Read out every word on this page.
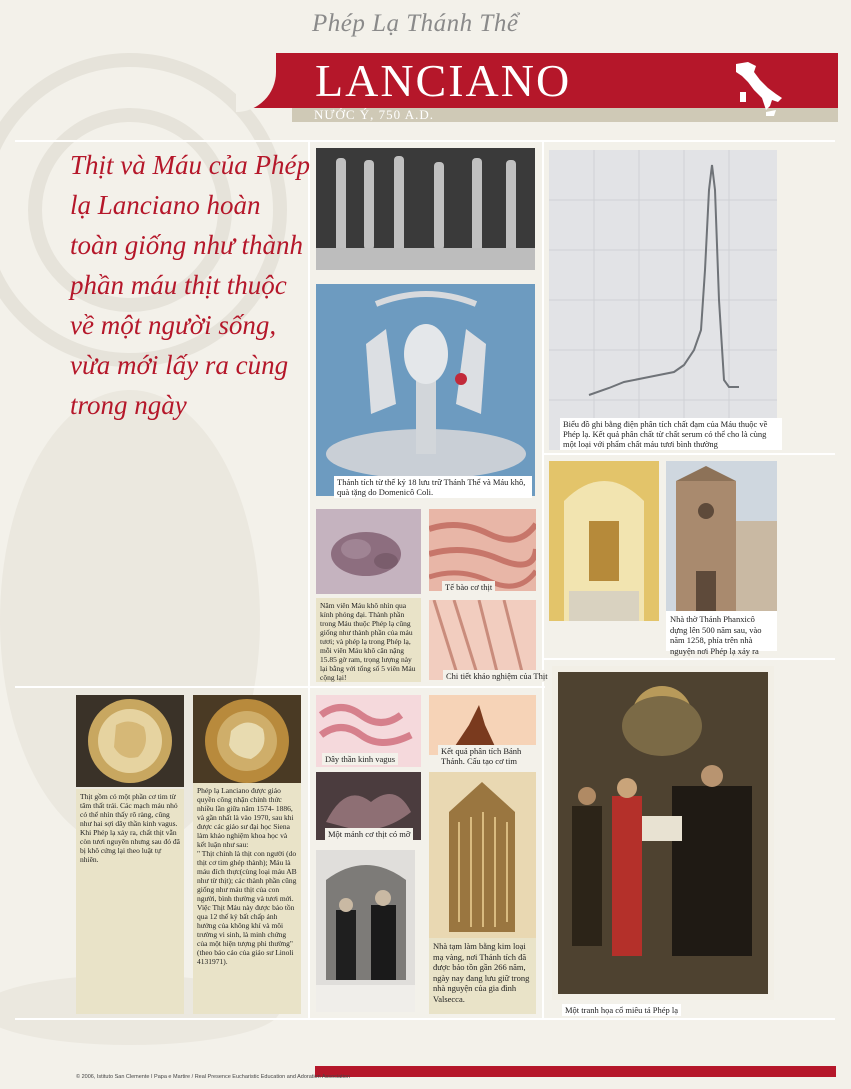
Phép Lạ Thánh Thể
LANCIANO
NƯỚC Ý, 750 A.D.
Thịt và Máu của Phép lạ Lanciano hoàn toàn giống như thành phần máu thịt thuộc về một người sống, vừa mới lấy ra cùng trong ngày
Thánh tích từ thế kỷ 18 lưu trữ Thánh Thể và Máu khô, quà tặng do Domenicô Coli.
Biểu đồ ghi bằng điện phân tích chất đạm của Máu thuộc về Phép lạ. Kết quả phân chất từ chất serum có thể cho là cùng một loại với phẩm chất máu tươi bình thường
Năm viên Máu khô nhìn qua kính phóng đại. Thành phần trong Máu thuộc Phép lạ cũng giống như thành phần của máu tươi; và phép lạ trong Phép lạ, mỗi viên Máu khô cân nặng 15.85 gờ ram, trọng lượng này lại bằng với tổng số 5 viên Máu cộng lại!
Tế bào cơ thịt
Chi tiết khảo nghiệm của Thịt
Nhà thờ Thánh Phanxicô dựng lên 500 năm sau, vào năm 1258, phía trên nhà nguyện nơi Phép lạ xảy ra
Thịt gồm có một phần cơ tim từ tâm thất trái. Các mạch máu nhỏ có thể nhìn thấy rõ ràng, cũng như hai sợi dây thần kinh vagus. Khi Phép lạ xảy ra, chất thịt vẫn còn tươi nguyên nhưng sau đó đã bị khô cứng lại theo luật tự nhiên.
Phép lạ Lanciano được giáo quyền công nhận chính thức nhiều lần giữa năm 1574- 1886, và gần nhất là vào 1970, sau khi được các giáo sư đại học Siena làm khảo nghiệm khoa học và kết luận như sau:
" Thịt chính là thịt con người (do thịt cơ tim ghép thành); Máu là máu đích thực(cùng loại máu AB như từ thịt); các thành phần cũng giống như máu thịt của con người, bình thường và tươi mới. Việc Thịt Máu này được bảo tồn qua 12 thế kỷ bất chấp ảnh hưởng của không khí và môi trường vi sinh, là minh chứng của một hiện tượng phi thường" (theo báo cáo của giáo sư Linoli 4131971).
Dây thần kinh vagus
Kết quả phân tích Bánh Thánh. Cấu tạo cơ tim
Một mảnh cơ thịt có mỡ
Nhà tạm làm bằng kim loại mạ vàng, nơi Thánh tích đã được bảo tồn gần 266 năm, ngày nay đang lưu giữ trong nhà nguyện của gia đình Valsecca.
Một tranh họa cổ miêu tả Phép lạ
© 2006, Istituto San Clemente I Papa e Martire / Real Presence Eucharistic Education and Adoration Association
